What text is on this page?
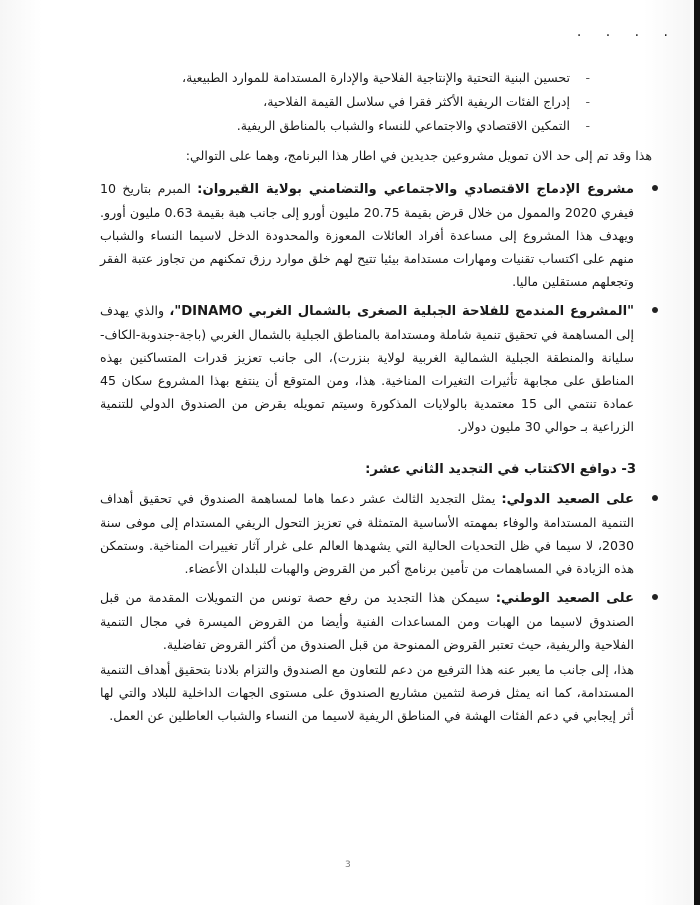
. . . .
- تحسين البنية التحتية والإنتاجية الفلاحية والإدارة المستدامة للموارد الطبيعية،
- إدراج الفئات الريفية الأكثر فقرا في سلاسل القيمة الفلاحية،
- التمكين الاقتصادي والاجتماعي للنساء والشباب بالمناطق الريفية.

هذا وقد تم إلى حد الان تمويل مشروعين جديدين في اطار هذا البرنامج، وهما على التوالي:

مشروع الإدماج الاقتصادي والاجتماعي والتضامني بولاية القيروان: المبرم بتاريخ 10 فيفري 2020 والممول من خلال قرض بقيمة 20.75 مليون أورو إلى جانب هبة بقيمة 0.63 مليون أورو. ويهدف هذا المشروع إلى مساعدة أفراد العائلات المعوزة والمحدودة الدخل لاسيما النساء والشباب منهم على اكتساب تقنيات ومهارات مستدامة بيئيا تتيح لهم خلق موارد رزق تمكنهم من تجاوز عتبة الفقر وتجعلهم مستقلين ماليا.
"المشروع المندمج للفلاحة الجبلية الصغرى بالشمال الغربي DINAMO"، والذي يهدف إلى المساهمة في تحقيق تنمية شاملة ومستدامة بالمناطق الجبلية بالشمال الغربي (باجة-جندوبة-الكاف-سليانة والمنطقة الجبلية الشمالية الغربية لولاية بنزرت)، الى جانب تعزيز قدرات المتساكنين بهذه المناطق على مجابهة تأثيرات التغيرات المناخية. هذا، ومن المتوقع أن ينتفع بهذا المشروع سكان 45 عمادة تنتمي الى 15 معتمدية بالولايات المذكورة وسيتم تمويله بقرض من الصندوق الدولي للتنمية الزراعية بـ حوالي 30 مليون دولار.
3- دوافع الاكتتاب في التجديد الثاني عشر:
على الصعيد الدولي: يمثل التجديد الثالث عشر دعما هاما لمساهمة الصندوق في تحقيق أهداف التنمية المستدامة والوفاء بمهمته الأساسية المتمثلة في تعزيز التحول الريفي المستدام إلى موفى سنة 2030، لا سيما في ظل التحديات الحالية التي يشهدها العالم على غرار آثار تغييرات المناخية. وستمكن هذه الزيادة في المساهمات من تأمين برنامج أكبر من القروض والهبات للبلدان الأعضاء.
على الصعيد الوطني: سيمكن هذا التجديد من رفع حصة تونس من التمويلات المقدمة من قبل الصندوق لاسيما من الهبات ومن المساعدات الفنية وأيضا من القروض الميسرة في مجال التنمية الفلاحية والريفية، حيث تعتبر القروض الممنوحة من قبل الصندوق من أكثر القروض تفاضلية.
هذا، إلى جانب ما يعبر عنه هذا الترفيع من دعم للتعاون مع الصندوق والتزام بلادنا بتحقيق أهداف التنمية المستدامة، كما انه يمثل فرصة لتثمين مشاريع الصندوق على مستوى الجهات الداخلية للبلاد والتي لها أثر إيجابي في دعم الفئات الهشة في المناطق الريفية لاسيما من النساء والشباب العاطلين عن العمل.
3
